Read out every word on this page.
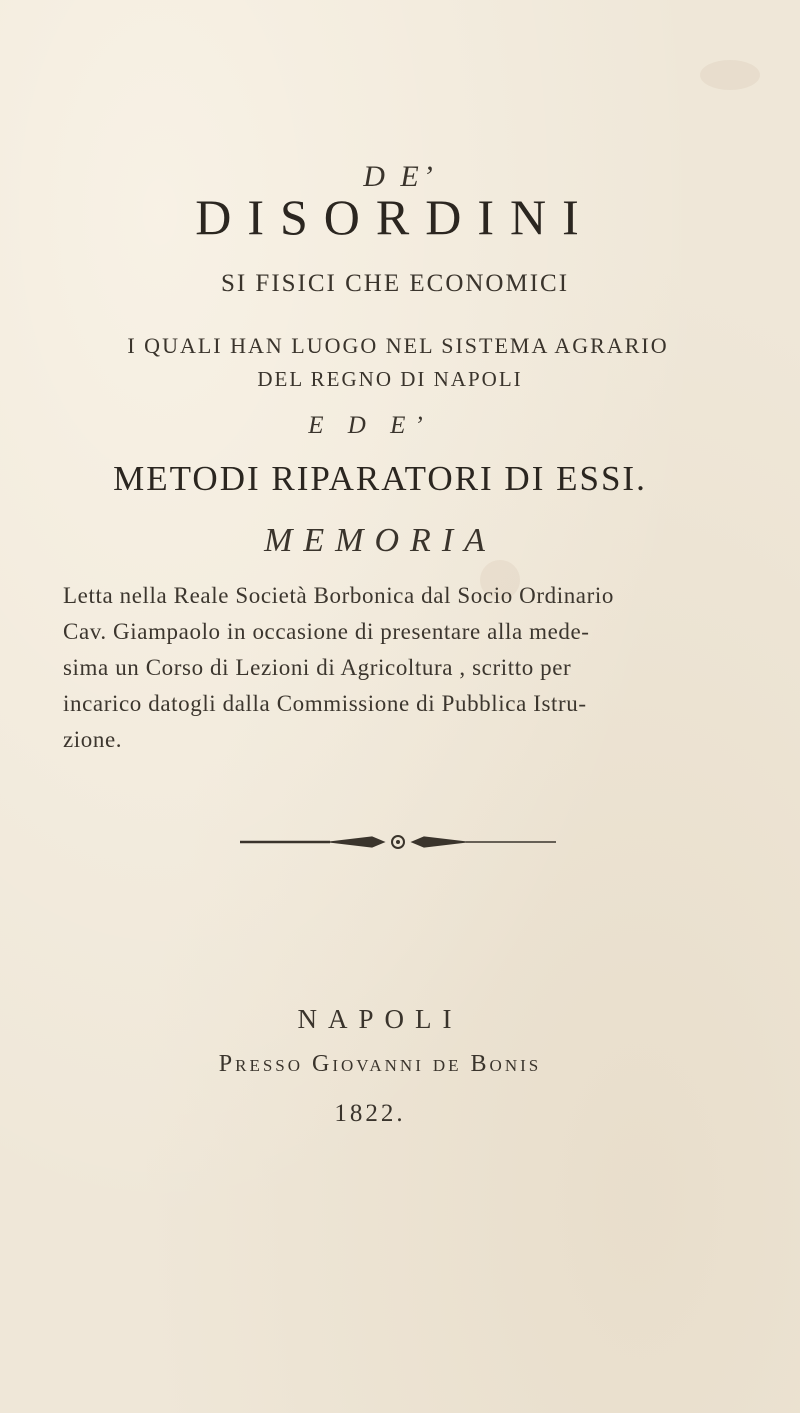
D E’
DISORDINI
SI FISICI CHE ECONOMICI
I QUALI HAN LUOGO NEL SISTEMA AGRARIO
DEL REGNO DI NAPOLI
E D E’
METODI RIPARATORI DI ESSI.
MEMORIA
Letta nella Reale Società Borbonica dal Socio Ordinario
Cav. Giampaolo in occasione di presentare alla mede-
sima un Corso di Lezioni di Agricoltura , scritto per
incarico datogli dalla Commissione di Pubblica Istru-
zione.
NAPOLI
Presso Giovanni de Bonis
1822.
